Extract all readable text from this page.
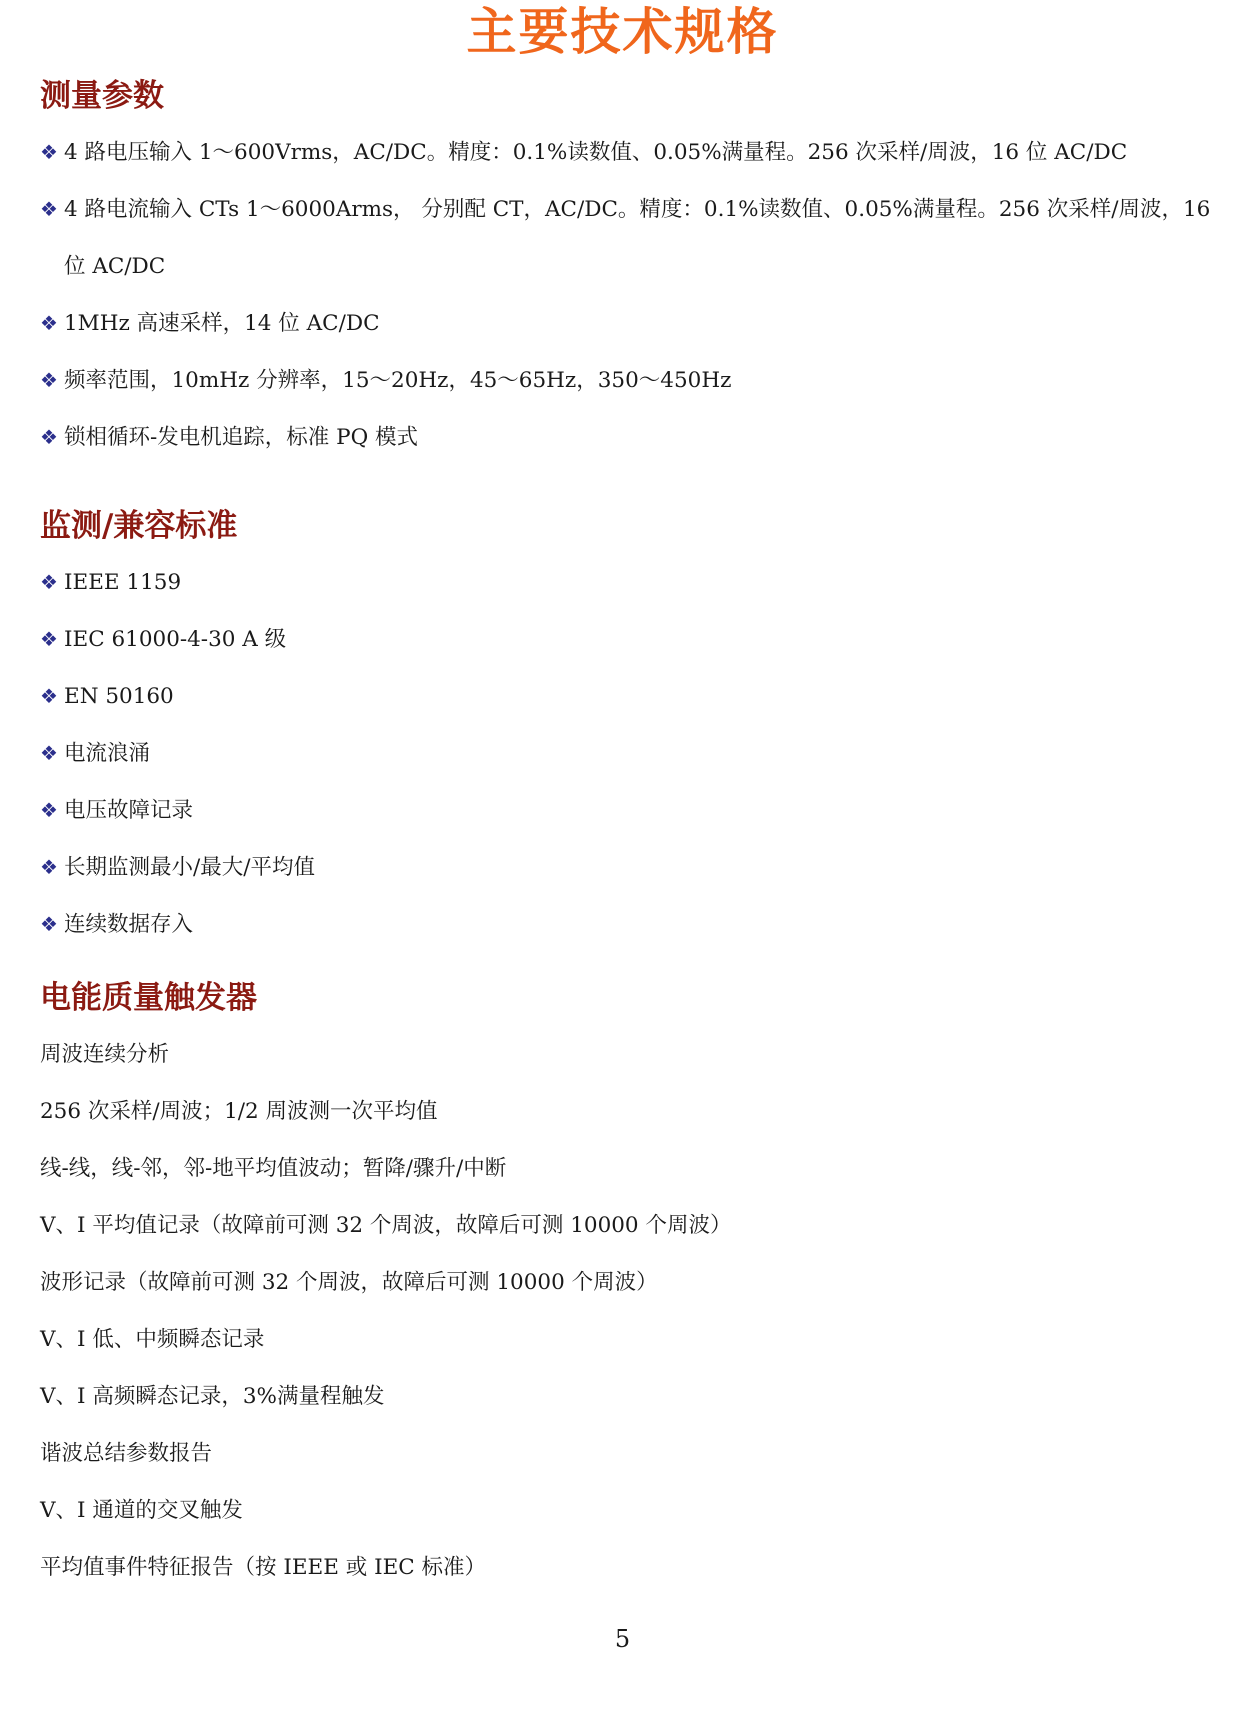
主要技术规格
测量参数
❖ 4 路电压输入 1～600Vrms，AC/DC。精度：0.1%读数值、0.05%满量程。256 次采样/周波，16 位 AC/DC
❖ 4 路电流输入 CTs 1～6000Arms， 分别配 CT，AC/DC。精度：0.1%读数值、0.05%满量程。256 次采样/周波，16 位 AC/DC
❖ 1MHz 高速采样，14 位 AC/DC
❖ 频率范围，10mHz 分辨率，15～20Hz，45～65Hz，350～450Hz
❖ 锁相循环-发电机追踪，标准 PQ 模式
监测/兼容标准
❖ IEEE 1159
❖ IEC 61000-4-30 A 级
❖ EN 50160
❖ 电流浪涌
❖ 电压故障记录
❖ 长期监测最小/最大/平均值
❖ 连续数据存入
电能质量触发器
周波连续分析
256 次采样/周波；1/2 周波测一次平均值
线-线，线-邻，邻-地平均值波动；暂降/骤升/中断
V、I 平均值记录（故障前可测 32 个周波，故障后可测 10000 个周波）
波形记录（故障前可测 32 个周波，故障后可测 10000 个周波）
V、I 低、中频瞬态记录
V、I 高频瞬态记录，3%满量程触发
谐波总结参数报告
V、I 通道的交叉触发
平均值事件特征报告（按 IEEE 或 IEC 标准）
5
